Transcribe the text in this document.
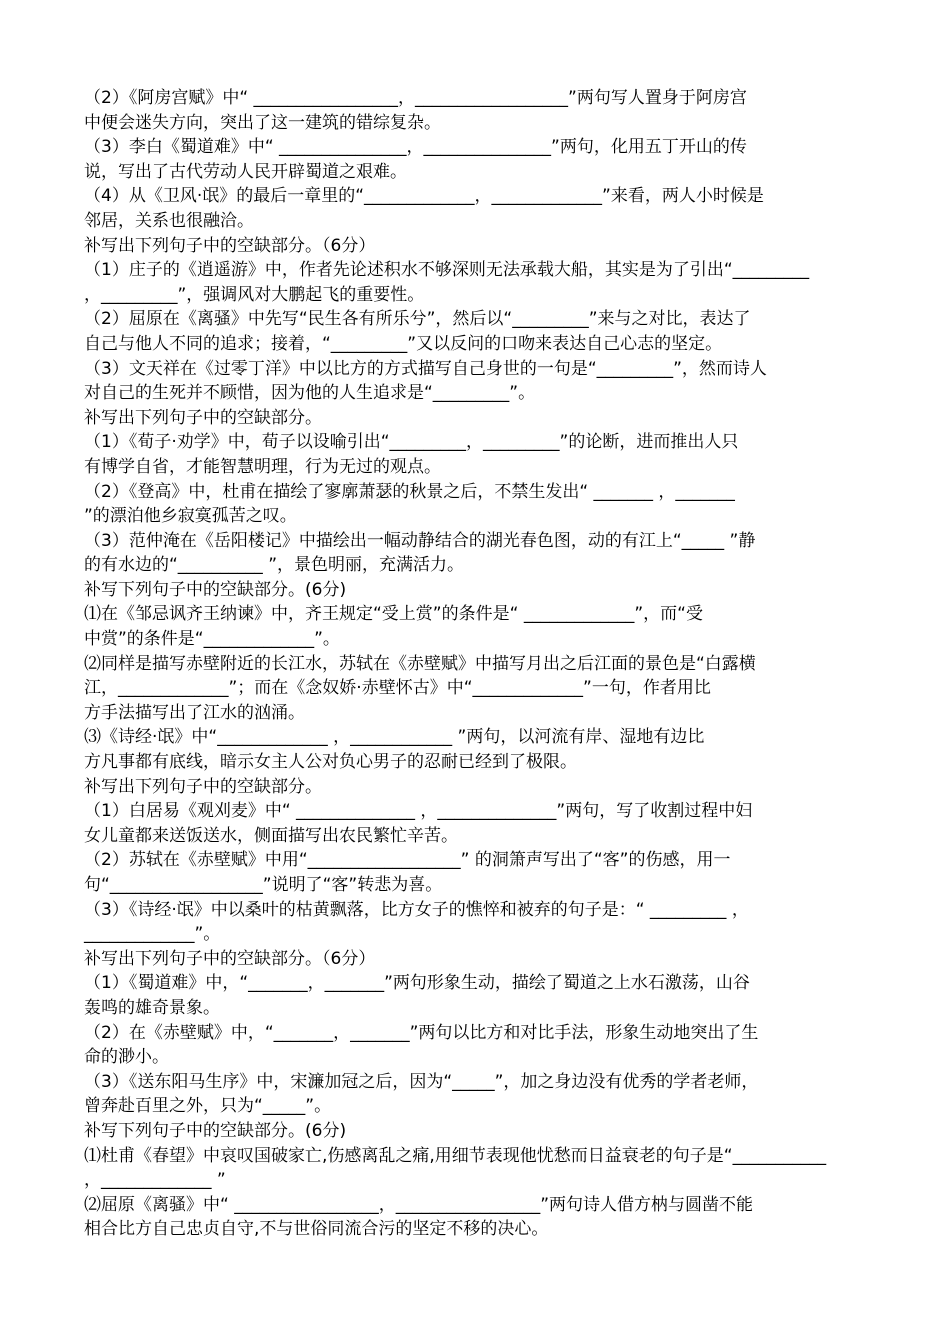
（2）《阿房宫赋》中“ _________________，__________________”两句写人置身于阿房宫

中便会迷失方向，突出了这一建筑的错综复杂。

（3）李白《蜀道难》中“ _______________，_______________”两句，化用五丁开山的传

说，写出了古代劳动人民开辟蜀道之艰难。

（4）从《卫风·氓》的最后一章里的“_____________，_____________”来看，两人小时候是

邻居，关系也很融洽。

补写出下列句子中的空缺部分。（6分）

（1）庄子的《逍遥游》中，作者先论述积水不够深则无法承载大船，其实是为了引出“_________

，_________”，强调风对大鹏起飞的重要性。

（2）屈原在《离骚》中先写“民生各有所乐兮”，然后以“_________”来与之对比，表达了

自己与他人不同的追求；接着，“_________”又以反问的口吻来表达自己心志的坚定。

（3）文天祥在《过零丁洋》中以比方的方式描写自己身世的一句是“_________”，然而诗人

对自己的生死并不顾惜，因为他的人生追求是“_________”。

补写出下列句子中的空缺部分。

（1）《荀子·劝学》中，荀子以设喻引出“_________，_________”的论断，进而推出人只

有博学自省，才能智慧明理，行为无过的观点。

（2）《登高》中，杜甫在描绘了寥廓萧瑟的秋景之后，不禁生发出“ _______ ，_______

”的漂泊他乡寂寞孤苦之叹。

（3）范仲淹在《岳阳楼记》中描绘出一幅动静结合的湖光春色图，动的有江上“_____ ”静

的有水边的“__________ ”，景色明丽，充满活力。

补写下列句子中的空缺部分。(6分)

⑴在《邹忌讽齐王纳谏》中，齐王规定“受上赏”的条件是“ _____________”，而“受

中赏”的条件是“_____________”。

⑵同样是描写赤壁附近的长江水，苏轼在《赤壁赋》中描写月出之后江面的景色是“白露横

江，_____________”；而在《念奴娇·赤壁怀古》中“_____________”一句，作者用比

方手法描写出了江水的汹涌。

⑶《诗经·氓》中“_____________ ，____________ ”两句，以河流有岸、湿地有边比

方凡事都有底线，暗示女主人公对负心男子的忍耐已经到了极限。

补写出下列句子中的空缺部分。

（1）白居易《观刈麦》中“ ______________ ，______________”两句，写了收割过程中妇

女儿童都来送饭送水，侧面描写出农民繁忙辛苦。

（2）苏轼在《赤壁赋》中用“__________________” 的洞箫声写出了“客”的伤感，用一

句“__________________”说明了“客”转悲为喜。

（3）《诗经·氓》中以桑叶的枯黄飘落，比方女子的憔悴和被弃的句子是：“ _________ ，

_____________”。

补写出下列句子中的空缺部分。（6分）

（1）《蜀道难》中，“_______，_______”两句形象生动，描绘了蜀道之上水石激荡，山谷

轰鸣的雄奇景象。

（2）在《赤壁赋》中，“_______，_______”两句以比方和对比手法，形象生动地突出了生

命的渺小。

（3）《送东阳马生序》中，宋濂加冠之后，因为“_____”，加之身边没有优秀的学者老师，

曾奔赴百里之外，只为“_____”。

补写下列句子中的空缺部分。(6分)

⑴杜甫《春望》中哀叹国破家亡,伤感离乱之痛,用细节表现他忧愁而日益衰老的句子是“___________

，_____________ ”

⑵屈原《离骚》中“ _________________，_________________”两句诗人借方枘与圆凿不能

相合比方自己忠贞自守,不与世俗同流合污的坚定不移的决心。
